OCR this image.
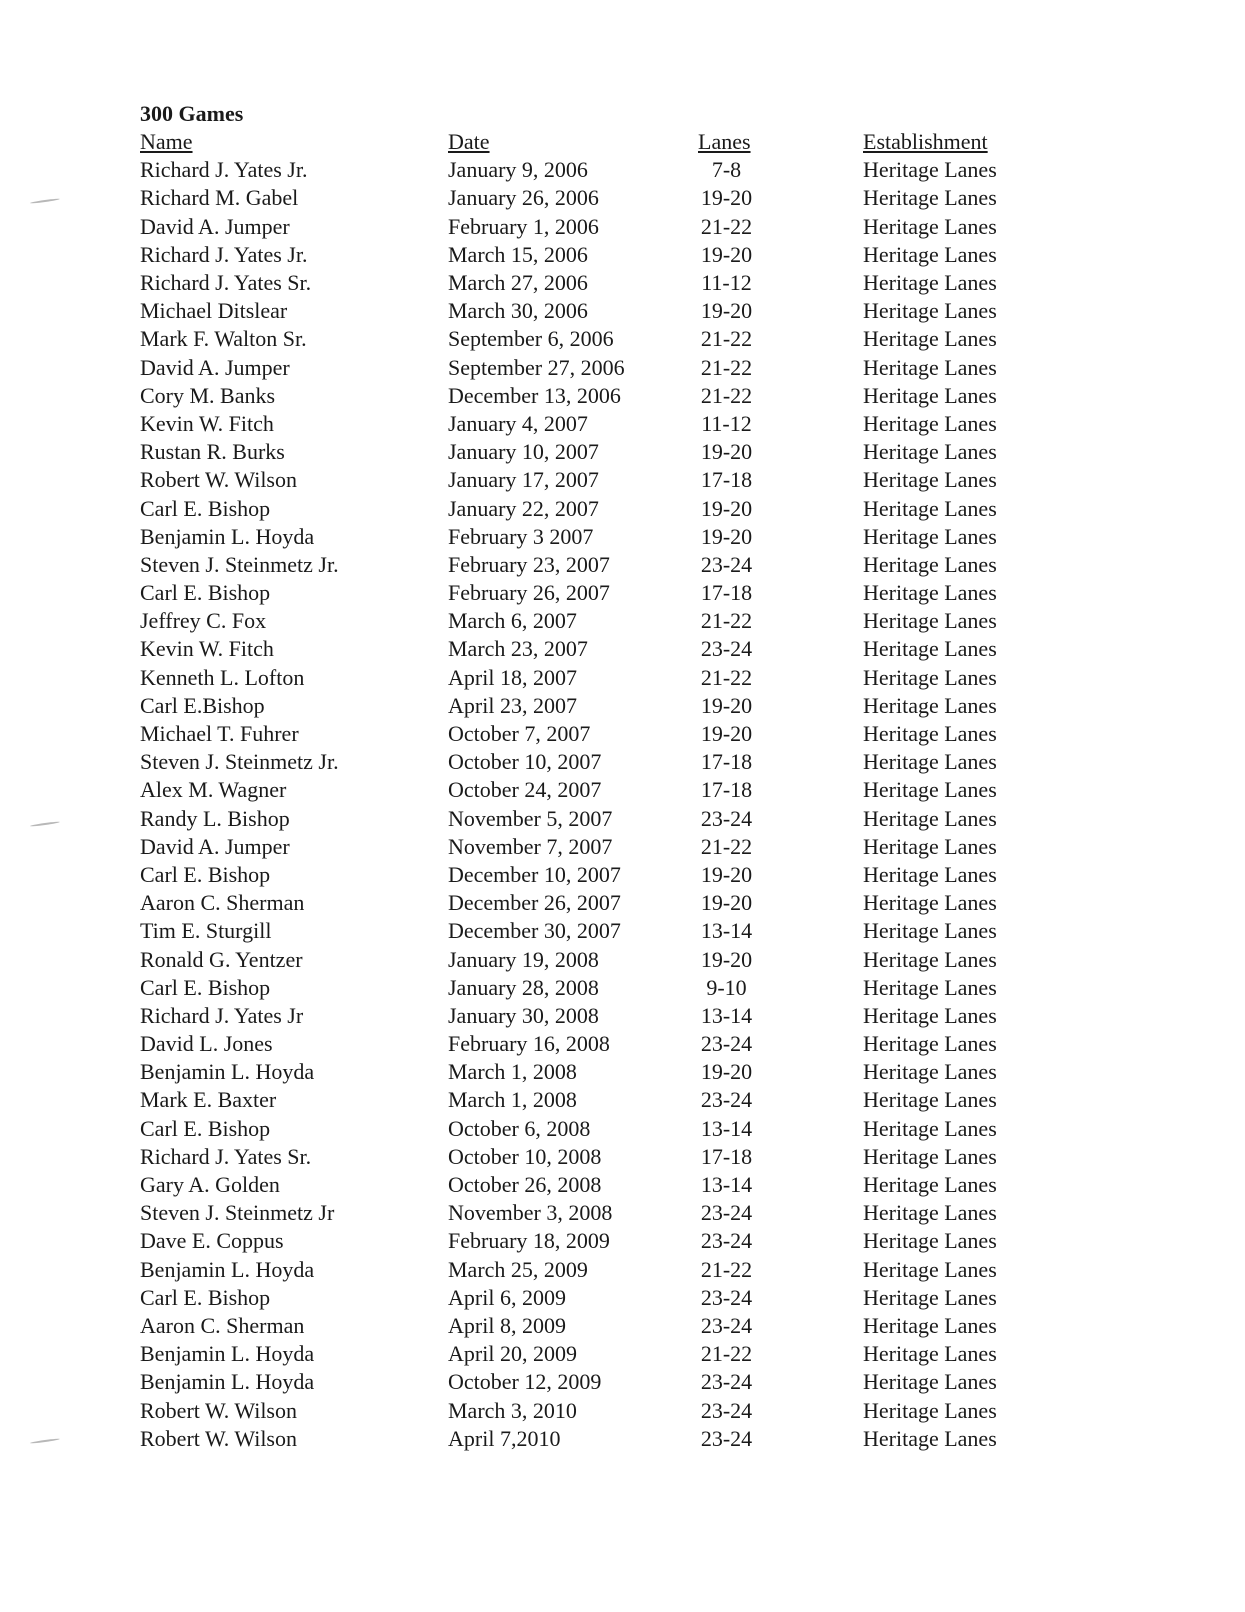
300 Games
Name	Date	Lanes	Establishment
Richard J. Yates Jr.	January 9, 2006	7-8	Heritage Lanes
Richard M. Gabel	January 26, 2006	19-20	Heritage Lanes
David A. Jumper	February 1, 2006	21-22	Heritage Lanes
Richard J. Yates Jr.	March 15, 2006	19-20	Heritage Lanes
Richard J. Yates Sr.	March 27, 2006	11-12	Heritage Lanes
Michael Ditslear	March 30, 2006	19-20	Heritage Lanes
Mark F. Walton Sr.	September 6, 2006	21-22	Heritage Lanes
David A. Jumper	September 27, 2006	21-22	Heritage Lanes
Cory M. Banks	December 13, 2006	21-22	Heritage Lanes
Kevin W. Fitch	January 4, 2007	11-12	Heritage Lanes
Rustan R. Burks	January 10, 2007	19-20	Heritage Lanes
Robert W. Wilson	January 17, 2007	17-18	Heritage Lanes
Carl E. Bishop	January 22, 2007	19-20	Heritage Lanes
Benjamin L. Hoyda	February 3 2007	19-20	Heritage Lanes
Steven J. Steinmetz Jr.	February 23, 2007	23-24	Heritage Lanes
Carl E. Bishop	February 26, 2007	17-18	Heritage Lanes
Jeffrey C. Fox	March 6, 2007	21-22	Heritage Lanes
Kevin W. Fitch	March 23, 2007	23-24	Heritage Lanes
Kenneth L. Lofton	April 18, 2007	21-22	Heritage Lanes
Carl E.Bishop	April 23, 2007	19-20	Heritage Lanes
Michael T. Fuhrer	October 7, 2007	19-20	Heritage Lanes
Steven J. Steinmetz Jr.	October 10, 2007	17-18	Heritage Lanes
Alex M. Wagner	October 24, 2007	17-18	Heritage Lanes
Randy L. Bishop	November 5, 2007	23-24	Heritage Lanes
David A. Jumper	November 7, 2007	21-22	Heritage Lanes
Carl E. Bishop	December 10, 2007	19-20	Heritage Lanes
Aaron C. Sherman	December 26, 2007	19-20	Heritage Lanes
Tim E. Sturgill	December 30, 2007	13-14	Heritage Lanes
Ronald G. Yentzer	January 19, 2008	19-20	Heritage Lanes
Carl E. Bishop	January 28, 2008	9-10	Heritage Lanes
Richard J. Yates Jr	January 30, 2008	13-14	Heritage Lanes
David L. Jones	February 16, 2008	23-24	Heritage Lanes
Benjamin L. Hoyda	March 1, 2008	19-20	Heritage Lanes
Mark E. Baxter	March 1, 2008	23-24	Heritage Lanes
Carl E. Bishop	October 6, 2008	13-14	Heritage Lanes
Richard J. Yates Sr.	October 10, 2008	17-18	Heritage Lanes
Gary A. Golden	October 26, 2008	13-14	Heritage Lanes
Steven J. Steinmetz Jr	November 3, 2008	23-24	Heritage Lanes
Dave E. Coppus	February 18, 2009	23-24	Heritage Lanes
Benjamin L. Hoyda	March 25, 2009	21-22	Heritage Lanes
Carl E. Bishop	April 6, 2009	23-24	Heritage Lanes
Aaron C. Sherman	April 8, 2009	23-24	Heritage Lanes
Benjamin L. Hoyda	April 20, 2009	21-22	Heritage Lanes
Benjamin L. Hoyda	October 12, 2009	23-24	Heritage Lanes
Robert W. Wilson	March 3, 2010	23-24	Heritage Lanes
Robert W. Wilson	April 7,2010	23-24	Heritage Lanes
